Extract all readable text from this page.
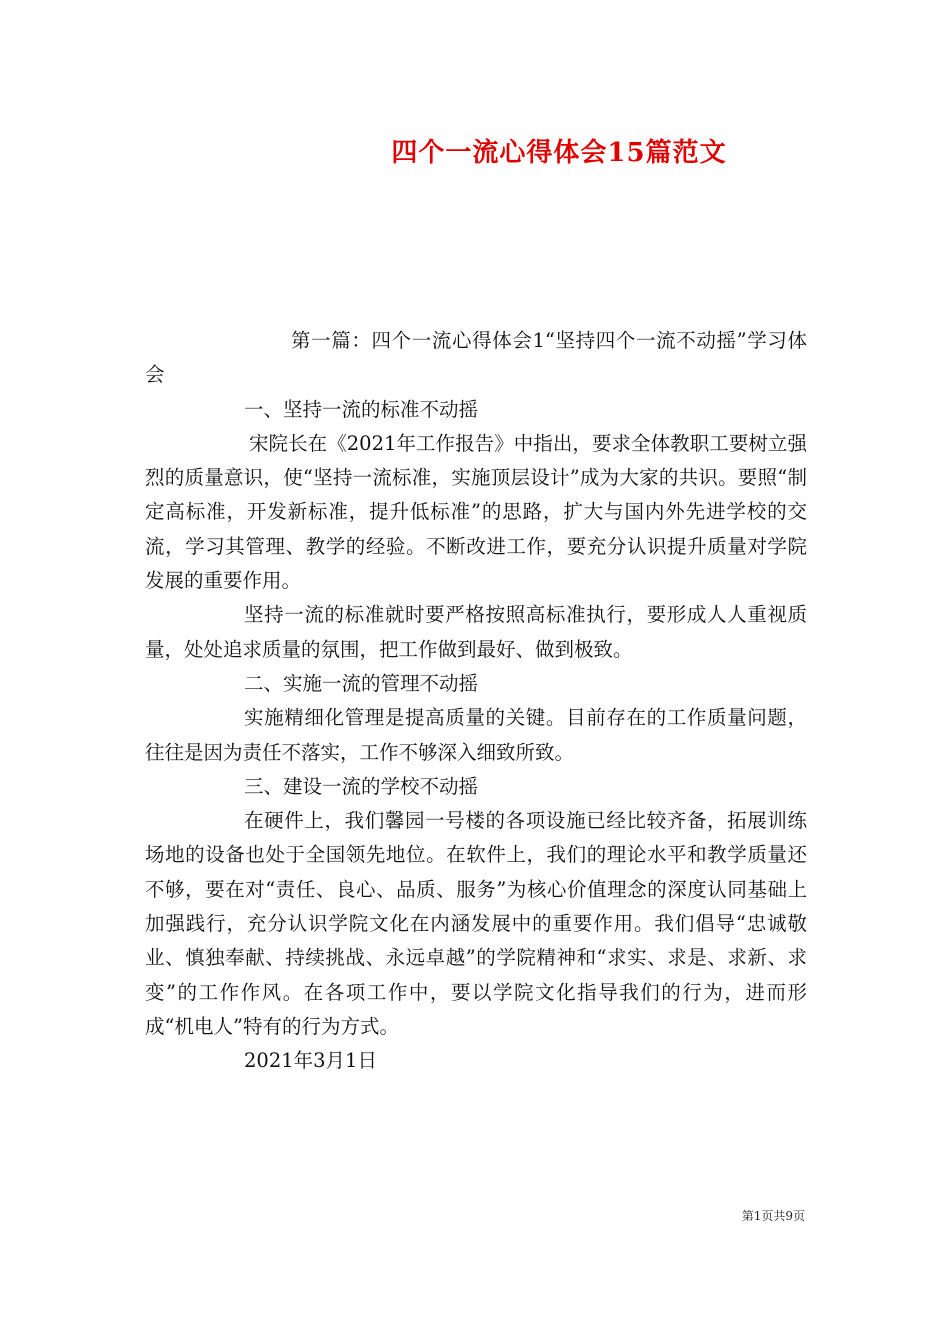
四个一流心得体会15篇范文

第一篇：四个一流心得体会1“坚持四个一流不动摇”学习体会

一、坚持一流的标准不动摇

宋院长在《2021年工作报告》中指出，要求全体教职工要树立强烈的质量意识，使“坚持一流标准，实施顶层设计”成为大家的共识。要照“制定高标准，开发新标准，提升低标准”的思路，扩大与国内外先进学校的交流，学习其管理、教学的经验。不断改进工作，要充分认识提升质量对学院发展的重要作用。

坚持一流的标准就时要严格按照高标准执行，要形成人人重视质量，处处追求质量的氛围，把工作做到最好、做到极致。

二、实施一流的管理不动摇

实施精细化管理是提高质量的关键。目前存在的工作质量问题，往往是因为责任不落实，工作不够深入细致所致。

三、建设一流的学校不动摇

在硬件上，我们馨园一号楼的各项设施已经比较齐备，拓展训练场地的设备也处于全国领先地位。在软件上，我们的理论水平和教学质量还不够，要在对“责任、良心、品质、服务”为核心价值理念的深度认同基础上加强践行，充分认识学院文化在内涵发展中的重要作用。我们倡导“忠诚敬业、慎独奉献、持续挑战、永远卓越”的学院精神和“求实、求是、求新、求变”的工作作风。在各项工作中，要以学院文化指导我们的行为，进而形成“机电人”特有的行为方式。

2021年3月1日

第1页共9页
